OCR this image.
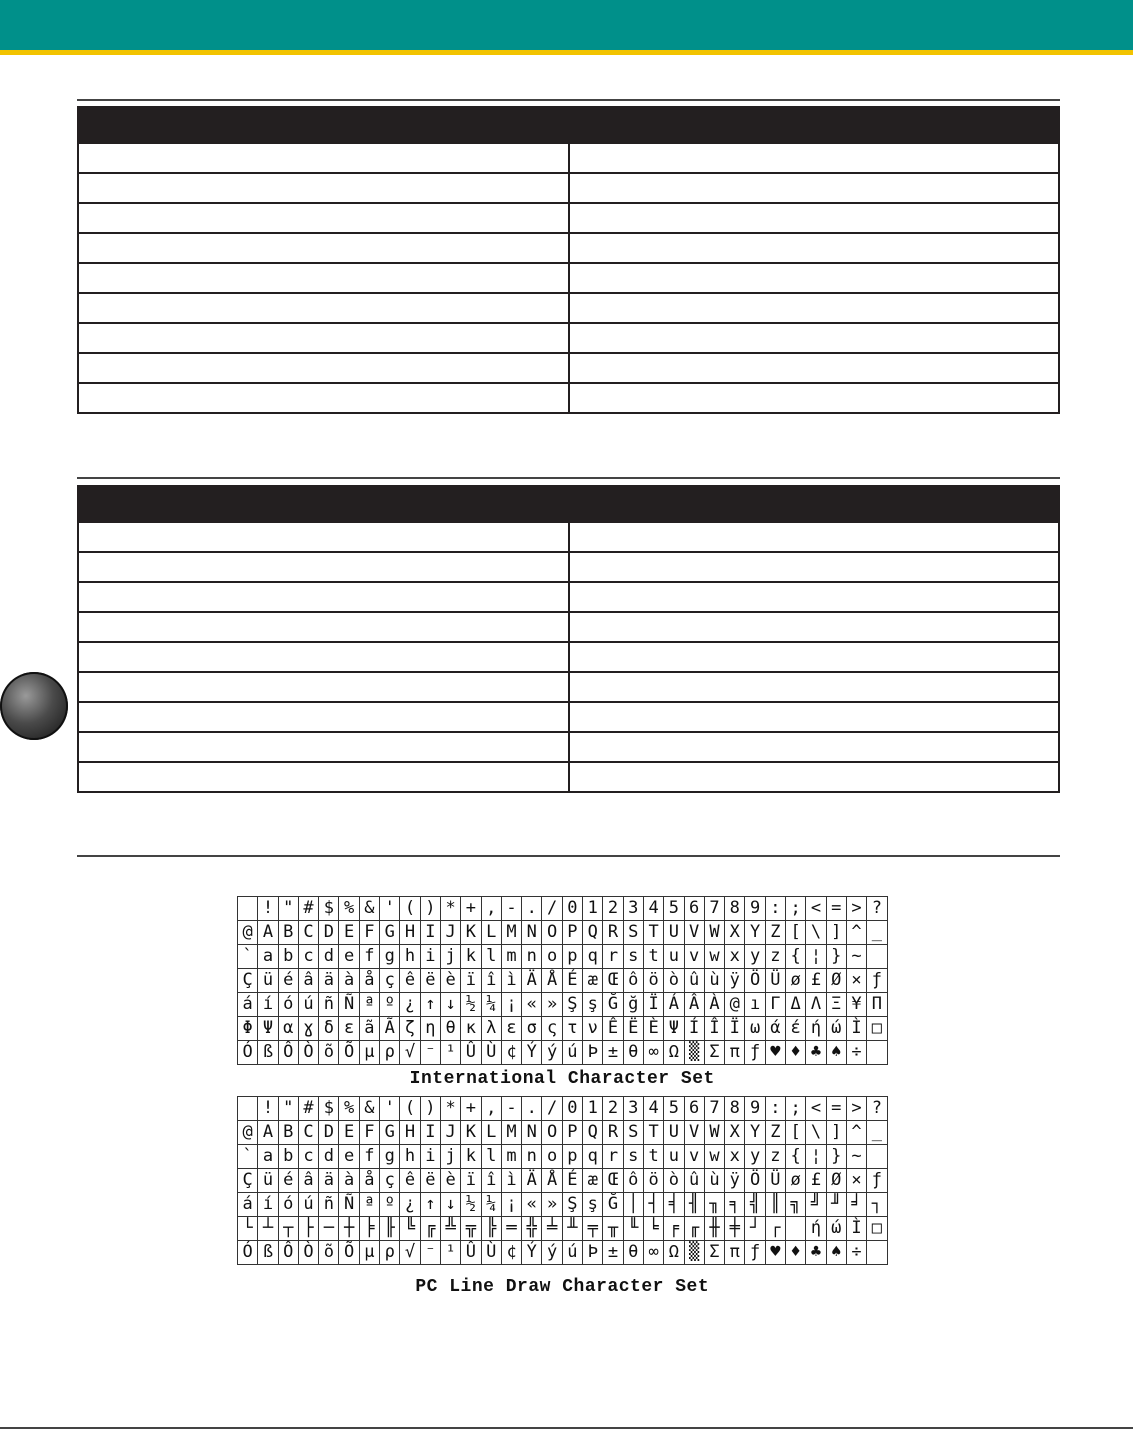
	!	"	#	$	%	&	'	(	)	*	+	,	-	.	/	0	1	2	3	4	5	6	7	8	9	:	;	<	=	>	?
@	A	B	C	D	E	F	G	H	I	J	K	L	M	N	O	P	Q	R	S	T	U	V	W	X	Y	Z	[	\	]	^	_
`	a	b	c	d	e	f	g	h	i	j	k	l	m	n	o	p	q	r	s	t	u	v	w	x	y	z	{	¦	}	~	
Ç	ü	é	â	ä	à	å	ç	ê	ë	è	ï	î	ì	Ä	Å	É	æ	Œ	ô	ö	ò	û	ù	ÿ	Ö	Ü	ø	£	Ø	×	ƒ
á	í	ó	ú	ñ	Ñ	ª	º	¿	↑	↓	½	¼	¡	«	»	Ş	ş	Ğ	ğ	Ï	Á	Â	À	@	ı	Γ	Δ	Λ	Ξ	¥	Π
Φ	Ψ	α	ɣ	δ	ε	ã	Ã	ζ	η	θ	κ	λ	ε	σ	ς	τ	ν	Ê	Ë	È	Ψ	Í	Î	Ï	ω	ά	έ	ή	ώ	Ì	□
Ó	ß	Ô	Ò	õ	Õ	µ	ρ	√	⁻	¹	Û	Ù	¢	Ý	ý	ú	Þ	±	θ	∞	Ω	▒	Σ	π	ƒ	♥	♦	♣	♠	÷	
International Character Set
	!	"	#	$	%	&	'	(	)	*	+	,	-	.	/	0	1	2	3	4	5	6	7	8	9	:	;	<	=	>	?
@	A	B	C	D	E	F	G	H	I	J	K	L	M	N	O	P	Q	R	S	T	U	V	W	X	Y	Z	[	\	]	^	_
`	a	b	c	d	e	f	g	h	i	j	k	l	m	n	o	p	q	r	s	t	u	v	w	x	y	z	{	¦	}	~	
Ç	ü	é	â	ä	à	å	ç	ê	ë	è	ï	î	ì	Ä	Å	É	æ	Œ	ô	ö	ò	û	ù	ÿ	Ö	Ü	ø	£	Ø	×	ƒ
á	í	ó	ú	ñ	Ñ	ª	º	¿	↑	↓	½	¼	¡	«	»	Ş	ş	Ğ	│	┤	╡	╢	╖	╕	╣	║	╗	╝	╜	╛	┐
└	┴	┬	├	─	┼	╞	╟	╚	╔	╩	╦	╠	═	╬	╧	╨	╤	╥	╙	╘	╒	╓	╫	╪	┘	┌		ή	ώ	Ì	□
Ó	ß	Ô	Ò	õ	Õ	µ	ρ	√	⁻	¹	Û	Ù	¢	Ý	ý	ú	Þ	±	θ	∞	Ω	▒	Σ	π	ƒ	♥	♦	♣	♠	÷	
PC Line Draw Character Set
